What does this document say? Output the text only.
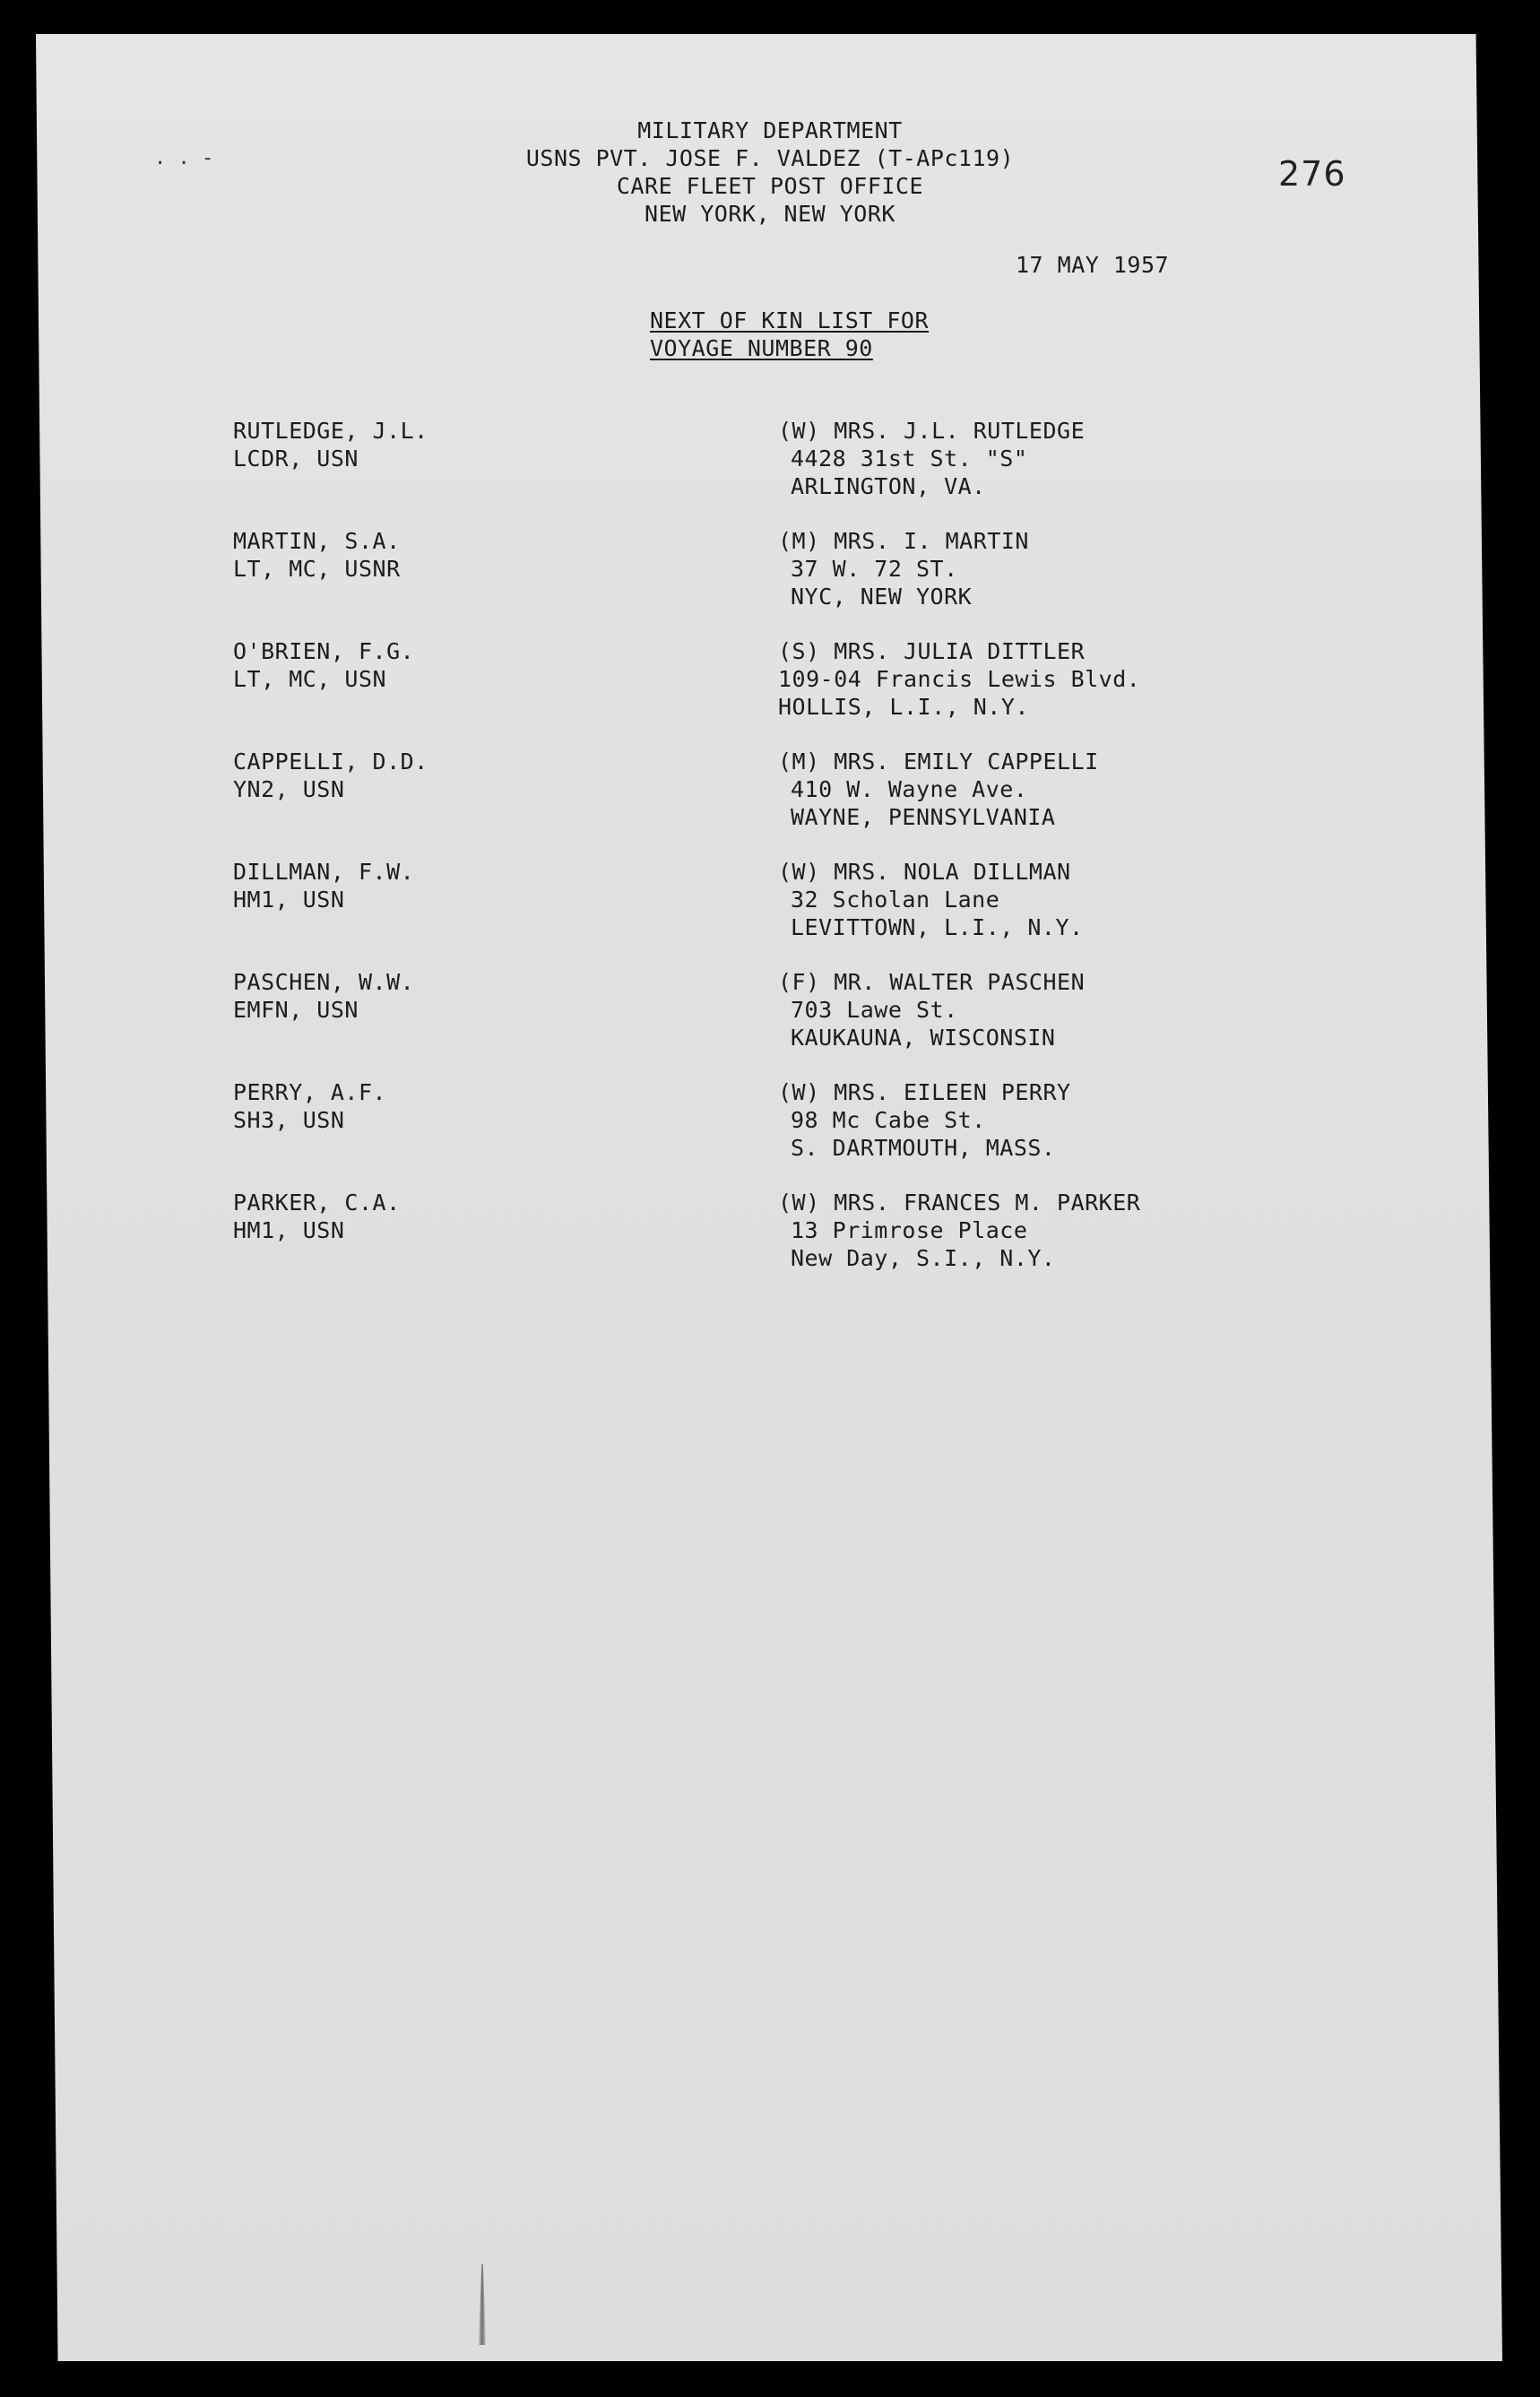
. . -
MILITARY DEPARTMENT
USNS PVT. JOSE F. VALDEZ (T-APc119)
CARE FLEET POST OFFICE
NEW YORK, NEW YORK
276
17 MAY 1957
NEXT OF KIN LIST FOR
VOYAGE NUMBER 90
RUTLEDGE, J.L.
LCDR, USN
(W) MRS. J.L. RUTLEDGE
4428 31st St. "S"
ARLINGTON, VA.
MARTIN, S.A.
LT, MC, USNR
(M) MRS. I. MARTIN
37 W. 72 ST.
NYC, NEW YORK
O'BRIEN, F.G.
LT, MC, USN
(S) MRS. JULIA DITTLER
109-04 Francis Lewis Blvd.
HOLLIS, L.I., N.Y.
CAPPELLI, D.D.
YN2, USN
(M) MRS. EMILY CAPPELLI
410 W. Wayne Ave.
WAYNE, PENNSYLVANIA
DILLMAN, F.W.
HM1, USN
(W) MRS. NOLA DILLMAN
32 Scholan Lane
LEVITTOWN, L.I., N.Y.
PASCHEN, W.W.
EMFN, USN
(F) MR. WALTER PASCHEN
703 Lawe St.
KAUKAUNA, WISCONSIN
PERRY, A.F.
SH3, USN
(W) MRS. EILEEN PERRY
98 Mc Cabe St.
S. DARTMOUTH, MASS.
PARKER, C.A.
HM1, USN
(W) MRS. FRANCES M. PARKER
13 Primrose Place
New Day, S.I., N.Y.
